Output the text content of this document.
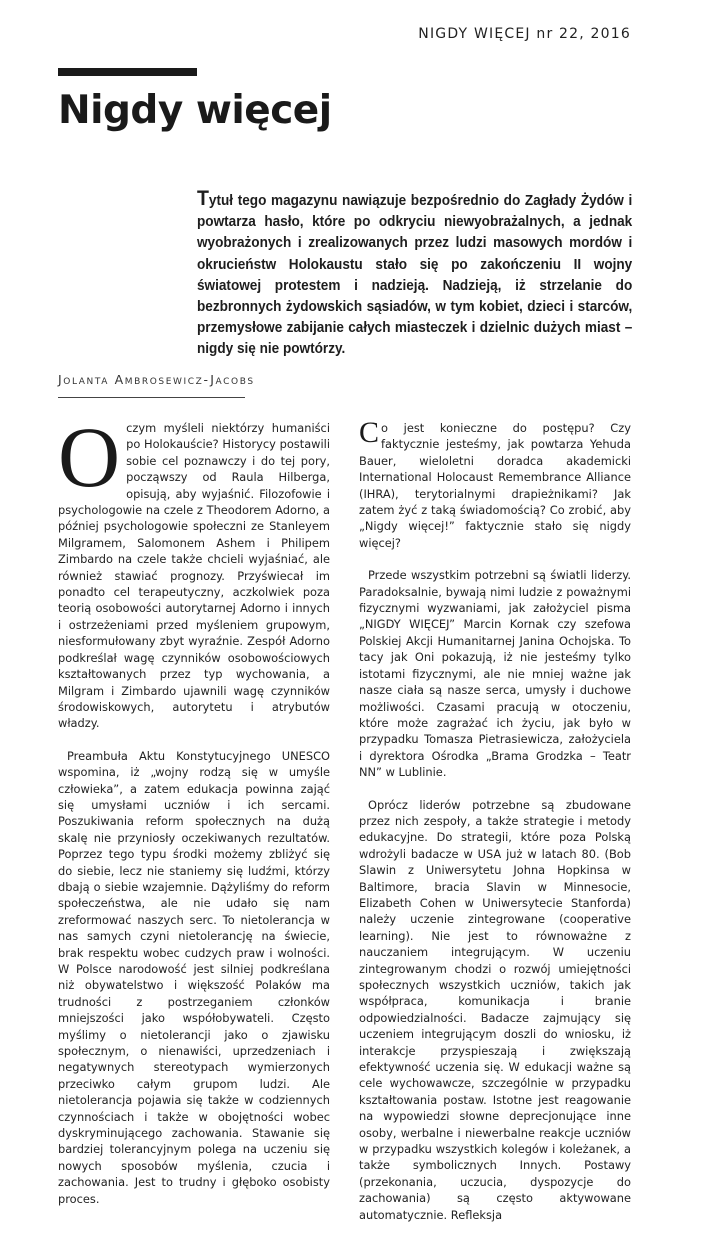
NIGDY WIĘCEJ nr 22, 2016
Nigdy więcej

Tytuł tego magazynu nawiązuje bezpośrednio do Zagłady Żydów i powtarza hasło, które po odkryciu niewyobrażalnych, a jednak wyobrażonych i zrealizowanych przez ludzi masowych mordów i okrucieństw Holokaustu stało się po zakończeniu II wojny światowej protestem i nadzieją. Nadzieją, iż strzelanie do bezbronnych żydowskich sąsiadów, w tym kobiet, dzieci i starców, przemysłowe zabijanie całych miasteczek i dzielnic dużych miast – nigdy się nie powtórzy.

Jolanta Ambrosewicz-Jacobs

Oczym myśleli niektórzy humaniści po Holokauście? Historycy postawili sobie cel poznawczy i do tej pory, począwszy od Raula Hilberga, opisują, aby wyjaśnić. Filozofowie i psychologowie na czele z Theodorem Adorno, a później psychologowie społeczni ze Stanleyem Milgramem, Salomonem Ashem i Philipem Zimbardo na czele także chcieli wyjaśniać, ale również stawiać prognozy. Przyświecał im ponadto cel terapeutyczny, aczkolwiek poza teorią osobowości autorytarnej Adorno i innych i ostrzeżeniami przed myśleniem grupowym, niesformułowany zbyt wyraźnie. Zespół Adorno podkreślał wagę czynników osobowościowych kształtowanych przez typ wychowania, a Milgram i Zimbardo ujawnili wagę czynników środowiskowych, autorytetu i atrybutów władzy.

Preambuła Aktu Konstytucyjnego UNESCO wspomina, iż „wojny rodzą się w umyśle człowieka”, a zatem edukacja powinna zająć się umysłami uczniów i ich sercami. Poszukiwania reform społecznych na dużą skalę nie przyniosły oczekiwanych rezultatów. Poprzez tego typu środki możemy zbliżyć się do siebie, lecz nie staniemy się ludźmi, którzy dbają o siebie wzajemnie. Dążyliśmy do reform społeczeństwa, ale nie udało się nam zreformować naszych serc. To nietolerancja w nas samych czyni nietolerancję na świecie, brak respektu wobec cudzych praw i wolności. W Polsce narodowość jest silniej podkreślana niż obywatelstwo i większość Polaków ma trudności z postrzeganiem członków mniejszości jako współobywateli. Często myślimy o nietolerancji jako o zjawisku społecznym, o nienawiści, uprzedzeniach i negatywnych stereotypach wymierzonych przeciwko całym grupom ludzi. Ale nietolerancja pojawia się także w codziennych czynnościach i także w obojętności wobec dyskryminującego zachowania. Stawanie się bardziej tolerancyjnym polega na uczeniu się nowych sposobów myślenia, czucia i zachowania. Jest to trudny i głęboko osobisty proces.

Co jest konieczne do postępu? Czy faktycznie jesteśmy, jak powtarza Yehuda Bauer, wieloletni doradca akademicki International Holocaust Remembrance Alliance (IHRA), terytorialnymi drapieżnikami? Jak zatem żyć z taką świadomością? Co zrobić, aby „Nigdy więcej!” faktycznie stało się nigdy więcej?

Przede wszystkim potrzebni są światli liderzy. Paradoksalnie, bywają nimi ludzie z poważnymi fizycznymi wyzwaniami, jak założyciel pisma „NIGDY WIĘCEJ” Marcin Kornak czy szefowa Polskiej Akcji Humanitarnej Janina Ochojska. To tacy jak Oni pokazują, iż nie jesteśmy tylko istotami fizycznymi, ale nie mniej ważne jak nasze ciała są nasze serca, umysły i duchowe możliwości. Czasami pracują w otoczeniu, które może zagrażać ich życiu, jak było w przypadku Tomasza Pietrasiewicza, założyciela i dyrektora Ośrodka „Brama Grodzka – Teatr NN” w Lublinie.

Oprócz liderów potrzebne są zbudowane przez nich zespoły, a także strategie i metody edukacyjne. Do strategii, które poza Polską wdrożyli badacze w USA już w latach 80. (Bob Slawin z Uniwersytetu Johna Hopkinsa w Baltimore, bracia Slavin w Minnesocie, Elizabeth Cohen w Uniwersytecie Stanforda) należy uczenie zintegrowane (cooperative learning). Nie jest to równoważne z nauczaniem integrującym. W uczeniu zintegrowanym chodzi o rozwój umiejętności społecznych wszystkich uczniów, takich jak współpraca, komunikacja i branie odpowiedzialności. Badacze zajmujący się uczeniem integrującym doszli do wniosku, iż interakcje przyspieszają i zwiększają efektywność uczenia się. W edukacji ważne są cele wychowawcze, szczególnie w przypadku kształtowania postaw. Istotne jest reagowanie na wypowiedzi słowne deprecjonujące inne osoby, werbalne i niewerbalne reakcje uczniów w przypadku wszystkich kolegów i koleżanek, a także symbolicznych Innych. Postawy (przekonania, uczucia, dyspozycje do zachowania) są często aktywowane automatycznie. Refleksja
